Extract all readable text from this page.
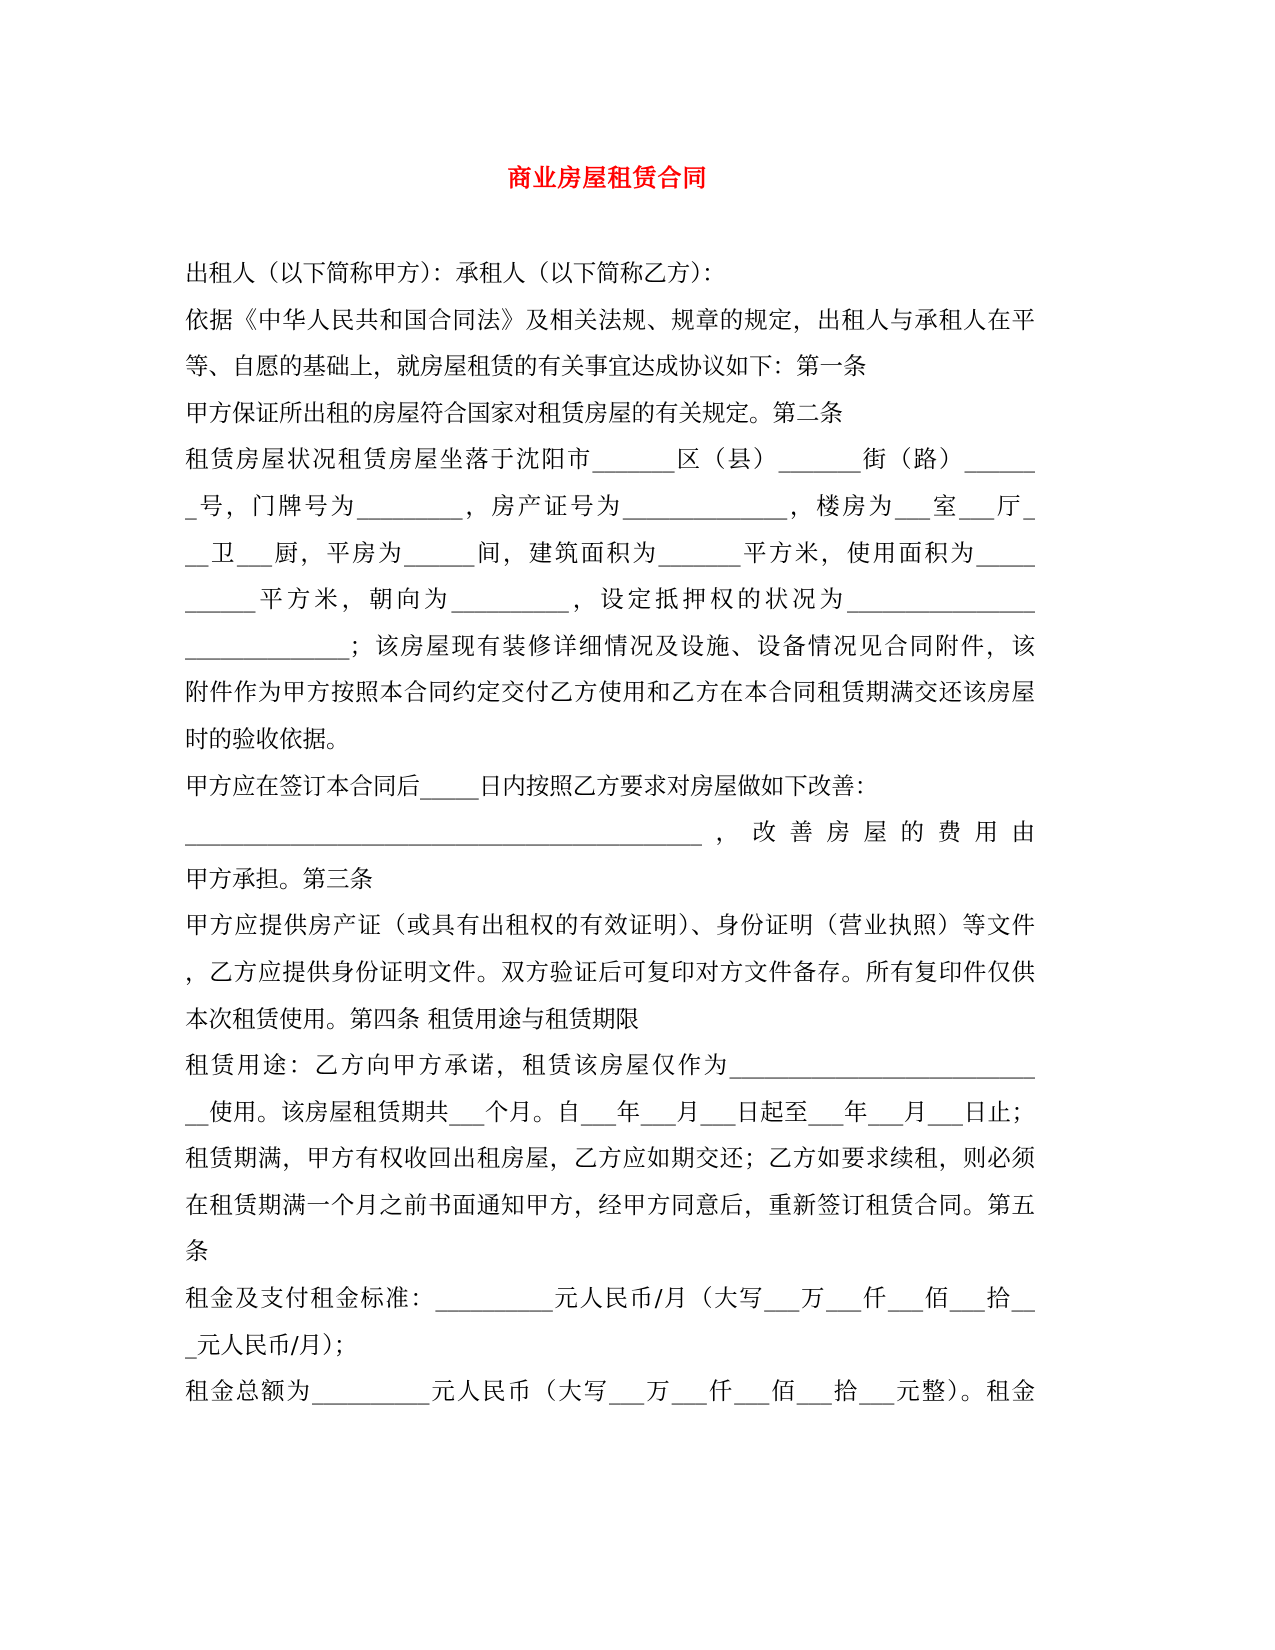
商业房屋租赁合同
出租人（以下简称甲方）：承租人（以下简称乙方）：
依据《中华人民共和国合同法》及相关法规、规章的规定，出租人与承租人在平
等、自愿的基础上，就房屋租赁的有关事宜达成协议如下：第一条
甲方保证所出租的房屋符合国家对租赁房屋的有关规定。第二条
租赁房屋状况租赁房屋坐落于沈阳市_______区（县）_______街（路）______
_号，门牌号为_________，房产证号为______________，楼房为___室___厅_
__卫___厨，平房为______间，建筑面积为_______平方米，使用面积为_____
______平方米，朝向为__________，设定抵押权的状况为________________
______________；该房屋现有装修详细情况及设施、设备情况见合同附件，该
附件作为甲方按照本合同约定交付乙方使用和乙方在本合同租赁期满交还该房屋
时的验收依据。
甲方应在签订本合同后_____日内按照乙方要求对房屋做如下改善：
____________________________________________，改善房屋的费用由
甲方承担。第三条
甲方应提供房产证（或具有出租权的有效证明）、身份证明（营业执照）等文件
，乙方应提供身份证明文件。双方验证后可复印对方文件备存。所有复印件仅供
本次租赁使用。第四条 租赁用途与租赁期限
租赁用途：乙方向甲方承诺，租赁该房屋仅作为__________________________
__使用。该房屋租赁期共___个月。自___年___月___日起至___年___月___日止；
租赁期满，甲方有权收回出租房屋，乙方应如期交还；乙方如要求续租，则必须
在租赁期满一个月之前书面通知甲方，经甲方同意后，重新签订租赁合同。第五
条
租金及支付租金标准：__________元人民币/月（大写___万___仟___佰___拾__
_元人民币/月）；
租金总额为__________元人民币（大写___万___仟___佰___拾___元整）。租金
